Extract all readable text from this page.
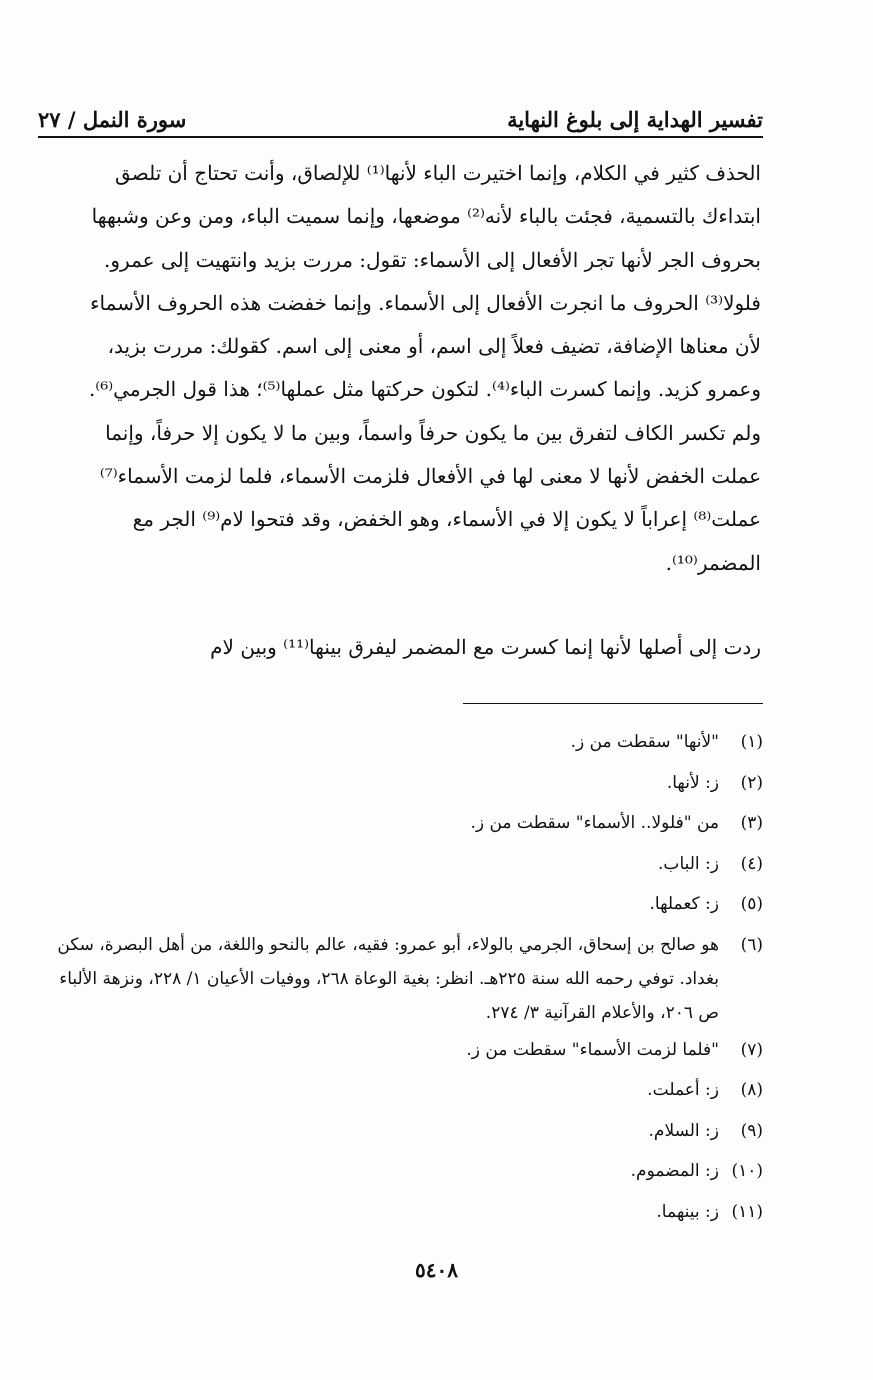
تفسير الهداية إلى بلوغ النهاية
سورة النمل / ٢٧
الحذف كثير في الكلام، وإنما اختيرت الباء لأنها⁽¹⁾ للإلصاق، وأنت تحتاج أن تلصق
ابتداءك بالتسمية، فجئت بالباء لأنه⁽²⁾ موضعها، وإنما سميت الباء، ومن وعن وشبهها
بحروف الجر لأنها تجر الأفعال إلى الأسماء: تقول: مررت بزيد وانتهيت إلى عمرو.
فلولا⁽³⁾ الحروف ما انجرت الأفعال إلى الأسماء. وإنما خفضت هذه الحروف الأسماء
لأن معناها الإضافة، تضيف فعلاً إلى اسم، أو معنى إلى اسم. كقولك: مررت بزيد،
وعمرو كزيد. وإنما كسرت الباء⁽⁴⁾. لتكون حركتها مثل عملها⁽⁵⁾؛ هذا قول الجرمي⁽⁶⁾.
ولم تكسر الكاف لتفرق بين ما يكون حرفاً واسماً، وبين ما لا يكون إلا حرفاً، وإنما
عملت الخفض لأنها لا معنى لها في الأفعال فلزمت الأسماء، فلما لزمت الأسماء⁽⁷⁾
عملت⁽⁸⁾ إعراباً لا يكون إلا في الأسماء، وهو الخفض، وقد فتحوا لام⁽⁹⁾ الجر مع
المضمر⁽¹⁰⁾.
ردت إلى أصلها لأنها إنما كسرت مع المضمر ليفرق بينها⁽¹¹⁾ وبين لام
(١)
"لأنها" سقطت من ز.
(٢)
ز: لأنها.
(٣)
من "فلولا.. الأسماء" سقطت من ز.
(٤)
ز: الباب.
(٥)
ز: كعملها.
(٦)
هو صالح بن إسحاق، الجرمي بالولاء، أبو عمرو: فقيه، عالم بالنحو واللغة، من أهل البصرة، سكن بغداد. توفي رحمه الله سنة ٢٢٥هـ. انظر: بغية الوعاة ٢٦٨، ووفيات الأعيان ١/ ٢٢٨، ونزهة الألباء ص ٢٠٦، والأعلام القرآنية ٣/ ٢٧٤.
(٧)
"فلما لزمت الأسماء" سقطت من ز.
(٨)
ز: أعملت.
(٩)
ز: السلام.
(١٠)
ز: المضموم.
(١١)
ز: بينهما.
٥٤٠٨
